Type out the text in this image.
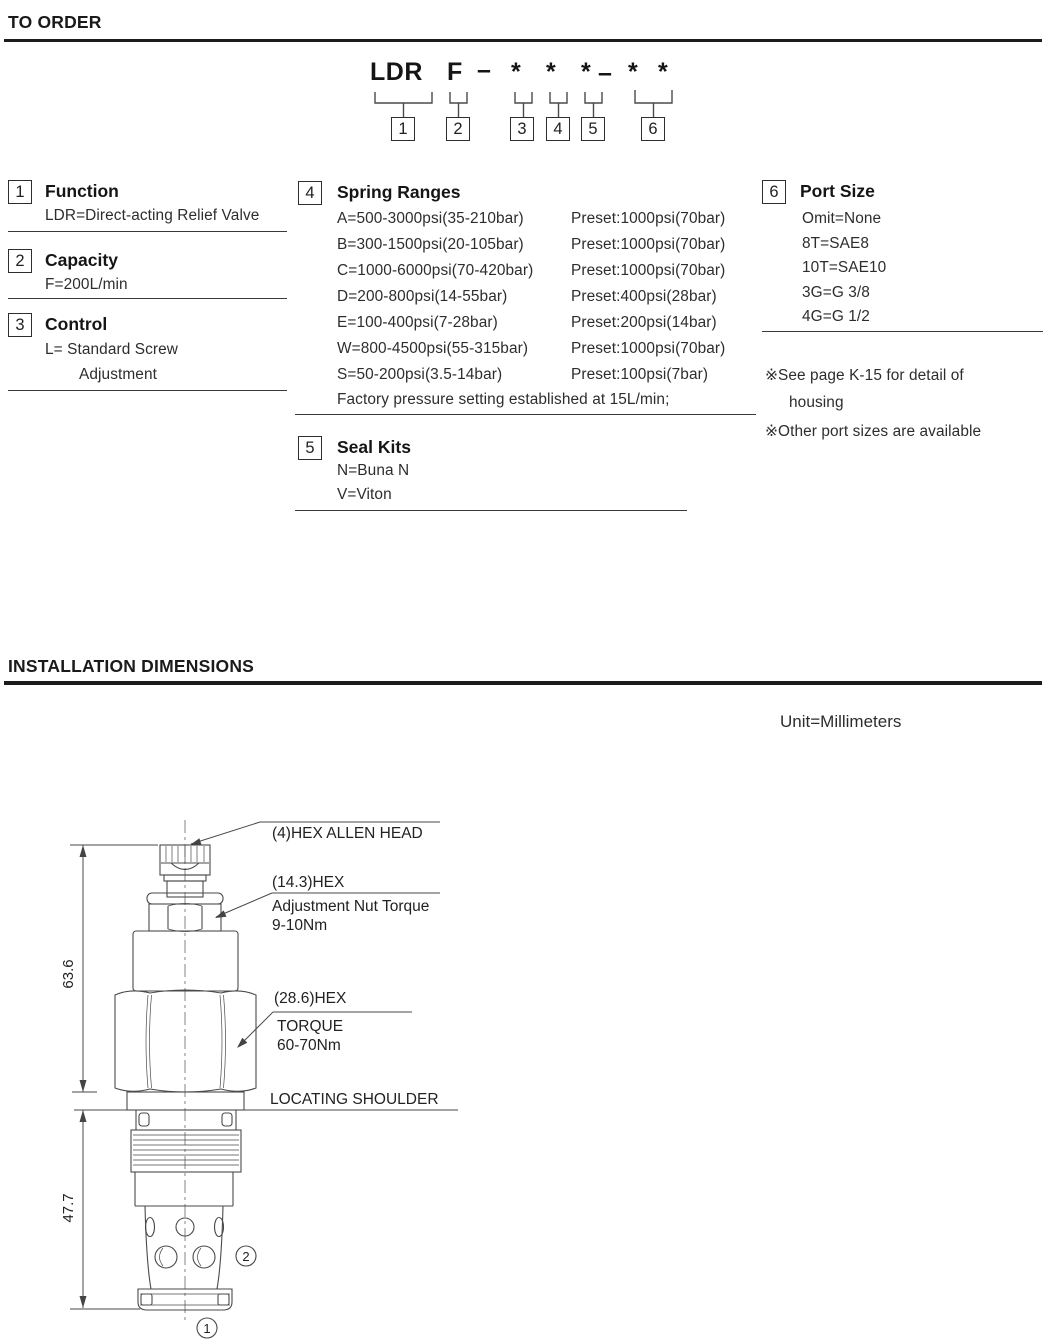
TO ORDER
LDR F – * * * – * *
1	2	3	4	5	6
1	Function
LDR=Direct-acting Relief Valve
2	Capacity
F=200L/min
3	Control
L= Standard Screw
Adjustment
4	Spring Ranges
A=500-3000psi(35-210bar)	Preset:1000psi(70bar)
B=300-1500psi(20-105bar)	Preset:1000psi(70bar)
C=1000-6000psi(70-420bar)	Preset:1000psi(70bar)
D=200-800psi(14-55bar)	Preset:400psi(28bar)
E=100-400psi(7-28bar)	Preset:200psi(14bar)
W=800-4500psi(55-315bar)	Preset:1000psi(70bar)
S=50-200psi(3.5-14bar)	Preset:100psi(7bar)
Factory pressure setting established at 15L/min;
5	Seal Kits
N=Buna N
V=Viton
6	Port Size
Omit=None
8T=SAE8
10T=SAE10
3G=G 3/8
4G=G 1/2
※See page K-15 for detail of
housing
※Other port sizes are available
INSTALLATION DIMENSIONS
Unit=Millimeters
1
2
63.6
47.7
(4)HEX ALLEN HEAD
(14.3)HEX
Adjustment Nut Torque
9-10Nm
(28.6)HEX
TORQUE
60-70Nm
LOCATING SHOULDER
